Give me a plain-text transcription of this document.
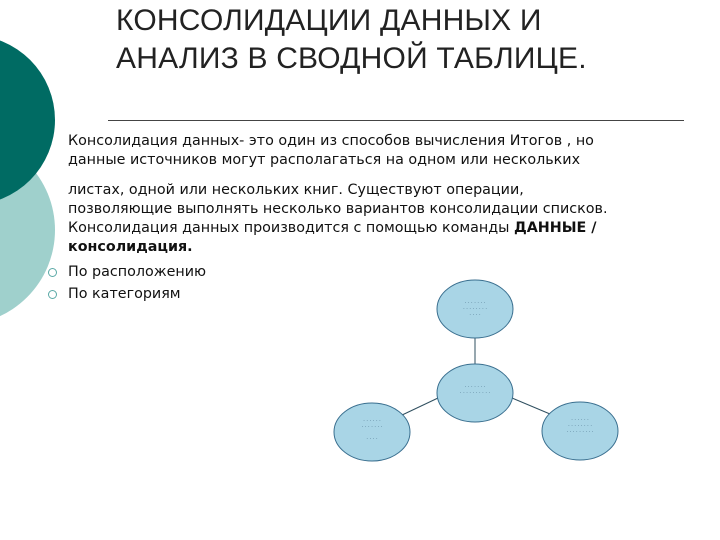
КОНСОЛИДАЦИИ ДАННЫХ И
АНАЛИЗ В СВОДНОЙ ТАБЛИЦЕ.
Консолидация данных- это один из способов вычисления Итогов , но
данные источников могут располагаться на одном или нескольких
листах, одной или нескольких книг. Существуют операции,
позволяющие выполнять несколько вариантов консолидации списков.
Консолидация данных производится с помощью команды ДАННЫЕ /
консолидация.
По расположению
По категориям
· · · · · · ·
· · · · · · · ·
· · · ·
· · · · · · ·
· · · · · · · · · ·
· · · · · ·
· · · · · · ·
· · · ·
· · · · · ·
· · · · · · · ·
· · · · · · · · ·
